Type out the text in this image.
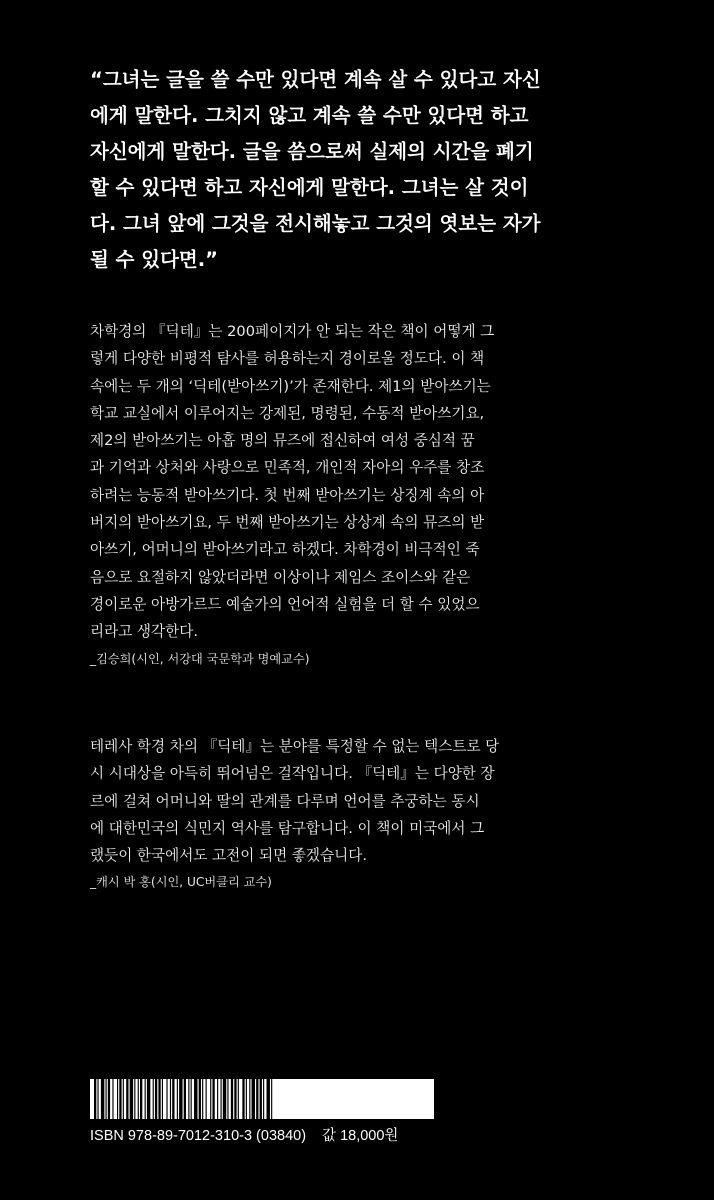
“그녀는 글을 쓸 수만 있다면 계속 살 수 있다고 자신
에게 말한다. 그치지 않고 계속 쓸 수만 있다면 하고
자신에게 말한다. 글을 씀으로써 실제의 시간을 폐기
할 수 있다면 하고 자신에게 말한다. 그녀는 살 것이
다. 그녀 앞에 그것을 전시해놓고 그것의 엿보는 자가
될 수 있다면.”
차학경의 『딕테』는 200페이지가 안 되는 작은 책이 어떻게 그
렇게 다양한 비평적 탐사를 허용하는지 경이로울 정도다. 이 책
속에는 두 개의 ‘딕테(받아쓰기)’가 존재한다. 제1의 받아쓰기는
학교 교실에서 이루어지는 강제된, 명령된, 수동적 받아쓰기요,
제2의 받아쓰기는 아홉 명의 뮤즈에 접신하여 여성 중심적 꿈
과 기억과 상처와 사랑으로 민족적, 개인적 자아의 우주를 창조
하려는 능동적 받아쓰기다. 첫 번째 받아쓰기는 상징계 속의 아
버지의 받아쓰기요, 두 번째 받아쓰기는 상상계 속의 뮤즈의 받
아쓰기, 어머니의 받아쓰기라고 하겠다. 차학경이 비극적인 죽
음으로 요절하지 않았더라면 이상이나 제임스 조이스와 같은
경이로운 아방가르드 예술가의 언어적 실험을 더 할 수 있었으
리라고 생각한다.
_김승희(시인, 서강대 국문학과 명예교수)
테레사 학경 차의 『딕테』는 분야를 특정할 수 없는 텍스트로 당
시 시대상을 아득히 뛰어넘은 걸작입니다. 『딕테』는 다양한 장
르에 걸쳐 어머니와 딸의 관계를 다루며 언어를 추궁하는 동시
에 대한민국의 식민지 역사를 탐구합니다. 이 책이 미국에서 그
랬듯이 한국에서도 고전이 되면 좋겠습니다.
_캐시 박 홍(시인, UC버클리 교수)
ISBN 978-89-7012-310-3 (03840) 값 18,000원
